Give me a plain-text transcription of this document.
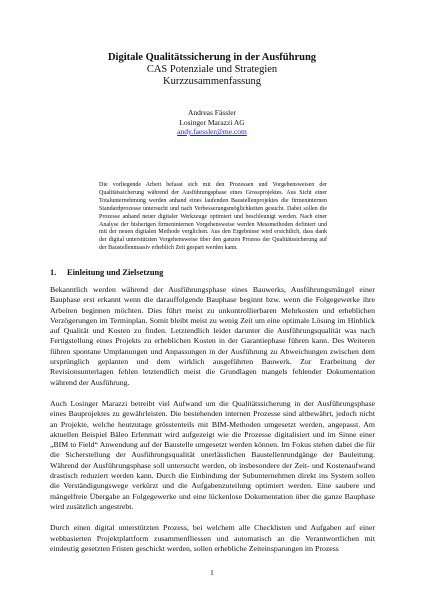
Digitale Qualitätssicherung in der Ausführung
CAS Potenziale und Strategien
Kurzzusammenfassung
Andreas Fässler
Losinger Marazzi AG
andy.faessler@me.com
Die vorliegende Arbeit befasst sich mit den Prozessen und Vorgehensweisen der Qualitätssicherung während der Ausführungsphase eines Grossprojektes. Aus Sicht einer Totalunternehmung werden anhand eines laufenden Baustellenprojektes die firmeninternen Standardprozesse untersucht und nach Verbesserungsmöglichkeiten gesucht. Dabei sollen die Prozesse anhand neuer digitaler Werkzeuge optimiert und beschleunigt werden. Nach einer Analyse der bisherigen firmeninternen Vorgehensweise werden Messmethoden definiert und mit der neuen digitalen Methode verglichen. Aus den Ergebnisse wird ersichtlich, dass dank der digital unterstützten Vorgehensweise über den ganzen Prozess der Qualitätssicherung auf der Baustellenmassiv erheblich Zeit gespart werden kann.
1. Einleitung und Zielsetzung

Bekanntlich werden während der Ausführungsphase eines Bauwerks, Ausführungsmängel einer Bauphase erst erkannt wenn die darauffolgende Bauphase beginnt bzw. wenn die Folgegewerke ihre Arbeiten beginnen möchten. Dies führt meist zu unkontrollierbaren Mehrkosten und erheblichen Verzögerungen im Terminplan. Somit bleibt meist zu wenig Zeit um eine optimale Lösung im Hinblick auf Qualität und Kosten zu finden. Letztendlich leidet darunter die Ausführungsqualität was nach Fertigstellung eines Projekts zu erheblichen Kosten in der Garantiephase führen kann. Des Weiteren führen spontane Umplanungen und Anpassungen in der Ausführung zu Abweichungen zwischen dem ursprünglich geplanten und dem wirklich ausgeführten Bauwerk. Zur Erarbeitung der Revisionsunterlagen fehlen letztendlich meist die Grundlagen mangels fehlender Dokumentation während der Ausführung.

Auch Losinger Marazzi betreibt viel Aufwand um die Qualitätssicherung in der Ausführungsphase eines Bauprojektes zu gewährleisten. Die bestehenden internen Prozesse sind altbewährt, jedoch nicht an Projekte, welche heutzutage grösstenteils mit BIM-Methoden umgesetzt werden, angepasst. Am aktuellen Beispiel Bäleo Erlenmatt wird aufgezeigt wie die Prozesse digitalisiert und im Sinne einer „BIM to Field“ Anwendung auf der Baustelle umgesetzt werden können. Im Fokus stehen dabei die für die Sicherstellung der Ausführungsqualität unerlässlichen Baustellenrundgänge der Bauleitung. Während der Ausführungsphase soll untersucht werden, ob insbesondere der Zeit- und Kostenaufwand drastisch reduziert werden kann. Durch die Einbindung der Subunternehmen direkt ins System sollen die Verständigungswege verkürzt und die Aufgabenzuteilung optimiert werden. Eine saubere und mängelfreie Übergabe an Folgegewerke und eine lückenlose Dokumentation über die ganze Bauphase wird zusätzlich angestrebt.

Durch einen digital unterstützten Prozess, bei welchem alle Checklisten und Aufgaben auf einer webbasierten Projektplattform zusammenfliessen und automatisch an die Verantwortlichen mit eindeutig gesetzten Fristen geschickt werden, sollen erhebliche Zeiteinsparungen im Prozess

1
